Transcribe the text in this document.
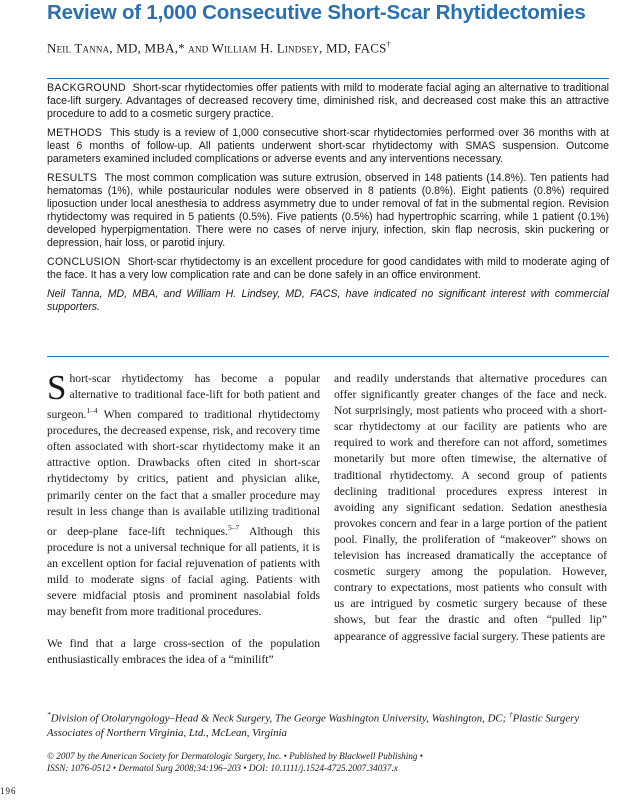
Review of 1,000 Consecutive Short-Scar Rhytidectomies
Neil Tanna, MD, MBA,* and William H. Lindsey, MD, FACS†

BACKGROUND Short-scar rhytidectomies offer patients with mild to moderate facial aging an alternative to traditional face-lift surgery. Advantages of decreased recovery time, diminished risk, and decreased cost make this an attractive procedure to add to a cosmetic surgery practice.

METHODS This study is a review of 1,000 consecutive short-scar rhytidectomies performed over 36 months with at least 6 months of follow-up. All patients underwent short-scar rhytidectomy with SMAS suspension. Outcome parameters examined included complications or adverse events and any interventions necessary.

RESULTS The most common complication was suture extrusion, observed in 148 patients (14.8%). Ten patients had hematomas (1%), while postauricular nodules were observed in 8 patients (0.8%). Eight patients (0.8%) required liposuction under local anesthesia to address asymmetry due to under removal of fat in the submental region. Revision rhytidectomy was required in 5 patients (0.5%). Five patients (0.5%) had hypertrophic scarring, while 1 patient (0.1%) developed hyperpigmentation. There were no cases of nerve injury, infection, skin flap necrosis, skin puckering or depression, hair loss, or parotid injury.

CONCLUSION Short-scar rhytidectomy is an excellent procedure for good candidates with mild to moderate aging of the face. It has a very low complication rate and can be done safely in an office environment.

Neil Tanna, MD, MBA, and William H. Lindsey, MD, FACS, have indicated no significant interest with commercial supporters.

Short-scar rhytidectomy has become a popular alternative to traditional face-lift for both patient and surgeon.$^{1-4}$ When compared to traditional rhytidectomy procedures, the decreased expense, risk, and recovery time often associated with short-scar rhytidectomy make it an attractive option. Drawbacks often cited in short-scar rhytidectomy by critics, patient and physician alike, primarily center on the fact that a smaller procedure may result in less change than is available utilizing traditional or deep-plane face-lift techniques.$^{5-7}$ Although this procedure is not a universal technique for all patients, it is an excellent option for facial rejuvenation of patients with mild to moderate signs of facial aging. Patients with severe midfacial ptosis and prominent nasolabial folds may benefit from more traditional procedures.

We find that a large cross-section of the population enthusiastically embraces the idea of a “minilift”

and readily understands that alternative procedures can offer significantly greater changes of the face and neck. Not surprisingly, most patients who proceed with a short-scar rhytidectomy at our facility are patients who are required to work and therefore can not afford, sometimes monetarily but more often timewise, the alternative of traditional rhytidectomy. A second group of patients declining traditional procedures express interest in avoiding any significant sedation. Sedation anesthesia provokes concern and fear in a large portion of the patient pool. Finally, the proliferation of “makeover” shows on television has increased dramatically the acceptance of cosmetic surgery among the population. However, contrary to expectations, most patients who consult with us are intrigued by cosmetic surgery because of these shows, but fear the drastic and often “pulled lip” appearance of aggressive facial surgery. These patients are

*Division of Otolaryngology–Head & Neck Surgery, The George Washington University, Washington, DC; †Plastic Surgery Associates of Northern Virginia, Ltd., McLean, Virginia
© 2007 by the American Society for Dermatologic Surgery, Inc. • Published by Blackwell Publishing •
ISSN: 1076-0512 • Dermatol Surg 2008;34:196–203 • DOI: 10.1111/j.1524-4725.2007.34037.x
196
